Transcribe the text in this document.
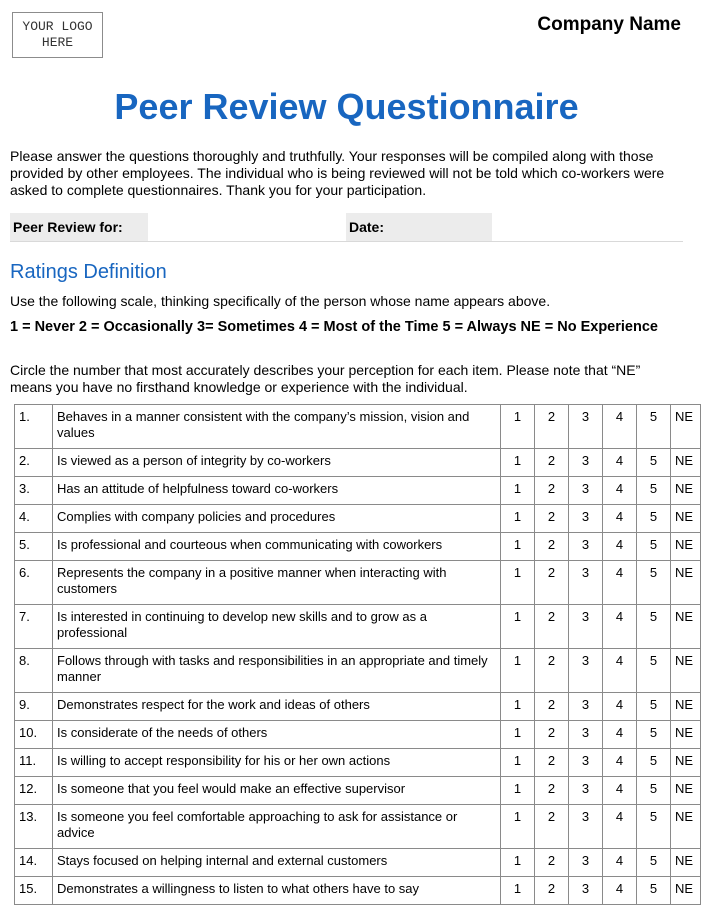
YOUR LOGO
HERE
Company Name
Peer Review Questionnaire
Please answer the questions thoroughly and truthfully. Your responses will be compiled along with those provided by other employees. The individual who is being reviewed will not be told which co-workers were asked to complete questionnaires. Thank you for your participation.
Peer Review for:	Date:
Ratings Definition
Use the following scale, thinking specifically of the person whose name appears above.
1 = Never 2 = Occasionally 3= Sometimes 4 = Most of the Time 5 = Always NE = No Experience
Circle the number that most accurately describes your perception for each item. Please note that “NE” means you have no firsthand knowledge or experience with the individual.
1.	Behaves in a manner consistent with the company’s mission, vision and values	1	2	3	4	5	NE
2.	Is viewed as a person of integrity by co-workers	1	2	3	4	5	NE
3.	Has an attitude of helpfulness toward co-workers	1	2	3	4	5	NE
4.	Complies with company policies and procedures	1	2	3	4	5	NE
5.	Is professional and courteous when communicating with coworkers	1	2	3	4	5	NE
6.	Represents the company in a positive manner when interacting with customers	1	2	3	4	5	NE
7.	Is interested in continuing to develop new skills and to grow as a professional	1	2	3	4	5	NE
8.	Follows through with tasks and responsibilities in an appropriate and timely manner	1	2	3	4	5	NE
9.	Demonstrates respect for the work and ideas of others	1	2	3	4	5	NE
10.	Is considerate of the needs of others	1	2	3	4	5	NE
11.	Is willing to accept responsibility for his or her own actions	1	2	3	4	5	NE
12.	Is someone that you feel would make an effective supervisor	1	2	3	4	5	NE
13.	Is someone you feel comfortable approaching to ask for assistance or advice	1	2	3	4	5	NE
14.	Stays focused on helping internal and external customers	1	2	3	4	5	NE
15.	Demonstrates a willingness to listen to what others have to say	1	2	3	4	5	NE
